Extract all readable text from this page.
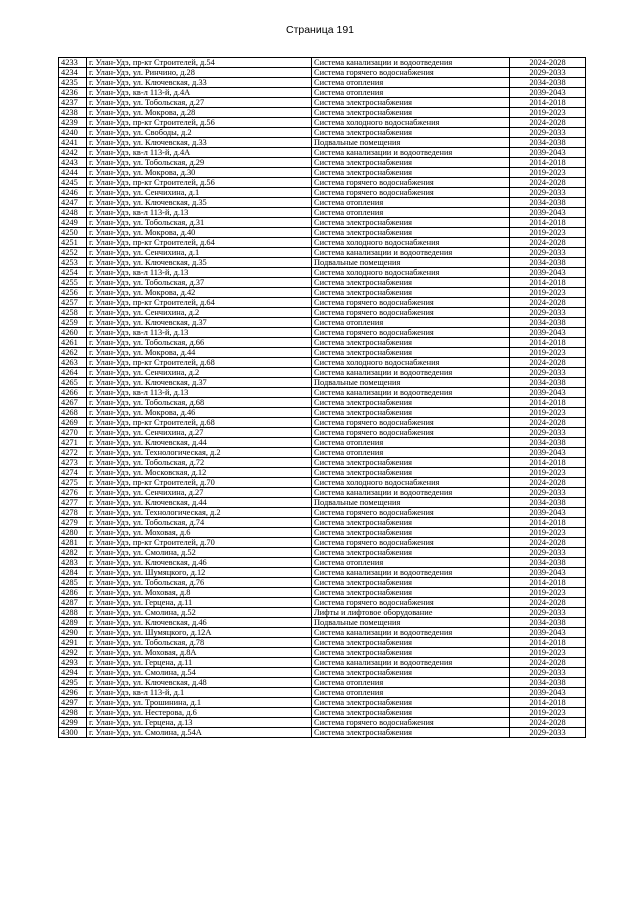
Страница 191
4233	г. Улан-Удэ, пр-кт Строителей, д.54	Система канализации и водоотведения	2024-2028
4234	г. Улан-Удэ, ул. Ринчино, д.28	Система горячего водоснабжения	2029-2033
4235	г. Улан-Удэ, ул. Ключевская, д.33	Система отопления	2034-2038
4236	г. Улан-Удэ, кв-л 113-й, д.4А	Система отопления	2039-2043
4237	г. Улан-Удэ, ул. Тобольская, д.27	Система электроснабжения	2014-2018
4238	г. Улан-Удэ, ул. Мокрова, д.28	Система электроснабжения	2019-2023
4239	г. Улан-Удэ, пр-кт Строителей, д.56	Система холодного водоснабжения	2024-2028
4240	г. Улан-Удэ, ул. Свободы, д.2	Система электроснабжения	2029-2033
4241	г. Улан-Удэ, ул. Ключевская, д.33	Подвальные помещения	2034-2038
4242	г. Улан-Удэ, кв-л 113-й, д.4А	Система канализации и водоотведения	2039-2043
4243	г. Улан-Удэ, ул. Тобольская, д.29	Система электроснабжения	2014-2018
4244	г. Улан-Удэ, ул. Мокрова, д.30	Система электроснабжения	2019-2023
4245	г. Улан-Удэ, пр-кт Строителей, д.56	Система горячего водоснабжения	2024-2028
4246	г. Улан-Удэ, ул. Сенчихина, д.1	Система горячего водоснабжения	2029-2033
4247	г. Улан-Удэ, ул. Ключевская, д.35	Система отопления	2034-2038
4248	г. Улан-Удэ, кв-л 113-й, д.13	Система отопления	2039-2043
4249	г. Улан-Удэ, ул. Тобольская, д.31	Система электроснабжения	2014-2018
4250	г. Улан-Удэ, ул. Мокрова, д.40	Система электроснабжения	2019-2023
4251	г. Улан-Удэ, пр-кт Строителей, д.64	Система холодного водоснабжения	2024-2028
4252	г. Улан-Удэ, ул. Сенчихина, д.1	Система канализации и водоотведения	2029-2033
4253	г. Улан-Удэ, ул. Ключевская, д.35	Подвальные помещения	2034-2038
4254	г. Улан-Удэ, кв-л 113-й, д.13	Система холодного водоснабжения	2039-2043
4255	г. Улан-Удэ, ул. Тобольская, д.37	Система электроснабжения	2014-2018
4256	г. Улан-Удэ, ул. Мокрова, д.42	Система электроснабжения	2019-2023
4257	г. Улан-Удэ, пр-кт Строителей, д.64	Система горячего водоснабжения	2024-2028
4258	г. Улан-Удэ, ул. Сенчихина, д.2	Система горячего водоснабжения	2029-2033
4259	г. Улан-Удэ, ул. Ключевская, д.37	Система отопления	2034-2038
4260	г. Улан-Удэ, кв-л 113-й, д.13	Система горячего водоснабжения	2039-2043
4261	г. Улан-Удэ, ул. Тобольская, д.66	Система электроснабжения	2014-2018
4262	г. Улан-Удэ, ул. Мокрова, д.44	Система электроснабжения	2019-2023
4263	г. Улан-Удэ, пр-кт Строителей, д.68	Система холодного водоснабжения	2024-2028
4264	г. Улан-Удэ, ул. Сенчихина, д.2	Система канализации и водоотведения	2029-2033
4265	г. Улан-Удэ, ул. Ключевская, д.37	Подвальные помещения	2034-2038
4266	г. Улан-Удэ, кв-л 113-й, д.13	Система канализации и водоотведения	2039-2043
4267	г. Улан-Удэ, ул. Тобольская, д.68	Система электроснабжения	2014-2018
4268	г. Улан-Удэ, ул. Мокрова, д.46	Система электроснабжения	2019-2023
4269	г. Улан-Удэ, пр-кт Строителей, д.68	Система горячего водоснабжения	2024-2028
4270	г. Улан-Удэ, ул. Сенчихина, д.27	Система горячего водоснабжения	2029-2033
4271	г. Улан-Удэ, ул. Ключевская, д.44	Система отопления	2034-2038
4272	г. Улан-Удэ, ул. Технологическая, д.2	Система отопления	2039-2043
4273	г. Улан-Удэ, ул. Тобольская, д.72	Система электроснабжения	2014-2018
4274	г. Улан-Удэ, ул. Московская, д.12	Система электроснабжения	2019-2023
4275	г. Улан-Удэ, пр-кт Строителей, д.70	Система холодного водоснабжения	2024-2028
4276	г. Улан-Удэ, ул. Сенчихина, д.27	Система канализации и водоотведения	2029-2033
4277	г. Улан-Удэ, ул. Ключевская, д.44	Подвальные помещения	2034-2038
4278	г. Улан-Удэ, ул. Технологическая, д.2	Система горячего водоснабжения	2039-2043
4279	г. Улан-Удэ, ул. Тобольская, д.74	Система электроснабжения	2014-2018
4280	г. Улан-Удэ, ул. Моховая, д.6	Система электроснабжения	2019-2023
4281	г. Улан-Удэ, пр-кт Строителей, д.70	Система горячего водоснабжения	2024-2028
4282	г. Улан-Удэ, ул. Смолина, д.52	Система электроснабжения	2029-2033
4283	г. Улан-Удэ, ул. Ключевская, д.46	Система отопления	2034-2038
4284	г. Улан-Удэ, ул. Шумяцкого, д.12	Система канализации и водоотведения	2039-2043
4285	г. Улан-Удэ, ул. Тобольская, д.76	Система электроснабжения	2014-2018
4286	г. Улан-Удэ, ул. Моховая, д.8	Система электроснабжения	2019-2023
4287	г. Улан-Удэ, ул. Герцена, д.11	Система горячего водоснабжения	2024-2028
4288	г. Улан-Удэ, ул. Смолина, д.52	Лифты и лифтовое оборудование	2029-2033
4289	г. Улан-Удэ, ул. Ключевская, д.46	Подвальные помещения	2034-2038
4290	г. Улан-Удэ, ул. Шумяцкого, д.12А	Система канализации и водоотведения	2039-2043
4291	г. Улан-Удэ, ул. Тобольская, д.78	Система электроснабжения	2014-2018
4292	г. Улан-Удэ, ул. Моховая, д.8А	Система электроснабжения	2019-2023
4293	г. Улан-Удэ, ул. Герцена, д.11	Система канализации и водоотведения	2024-2028
4294	г. Улан-Удэ, ул. Смолина, д.54	Система электроснабжения	2029-2033
4295	г. Улан-Удэ, ул. Ключевская, д.48	Система отопления	2034-2038
4296	г. Улан-Удэ, кв-л 113-й, д.1	Система отопления	2039-2043
4297	г. Улан-Удэ, ул. Трошинина, д.1	Система электроснабжения	2014-2018
4298	г. Улан-Удэ, ул. Нестерова, д.6	Система электроснабжения	2019-2023
4299	г. Улан-Удэ, ул. Герцена, д.13	Система горячего водоснабжения	2024-2028
4300	г. Улан-Удэ, ул. Смолина, д.54А	Система электроснабжения	2029-2033
